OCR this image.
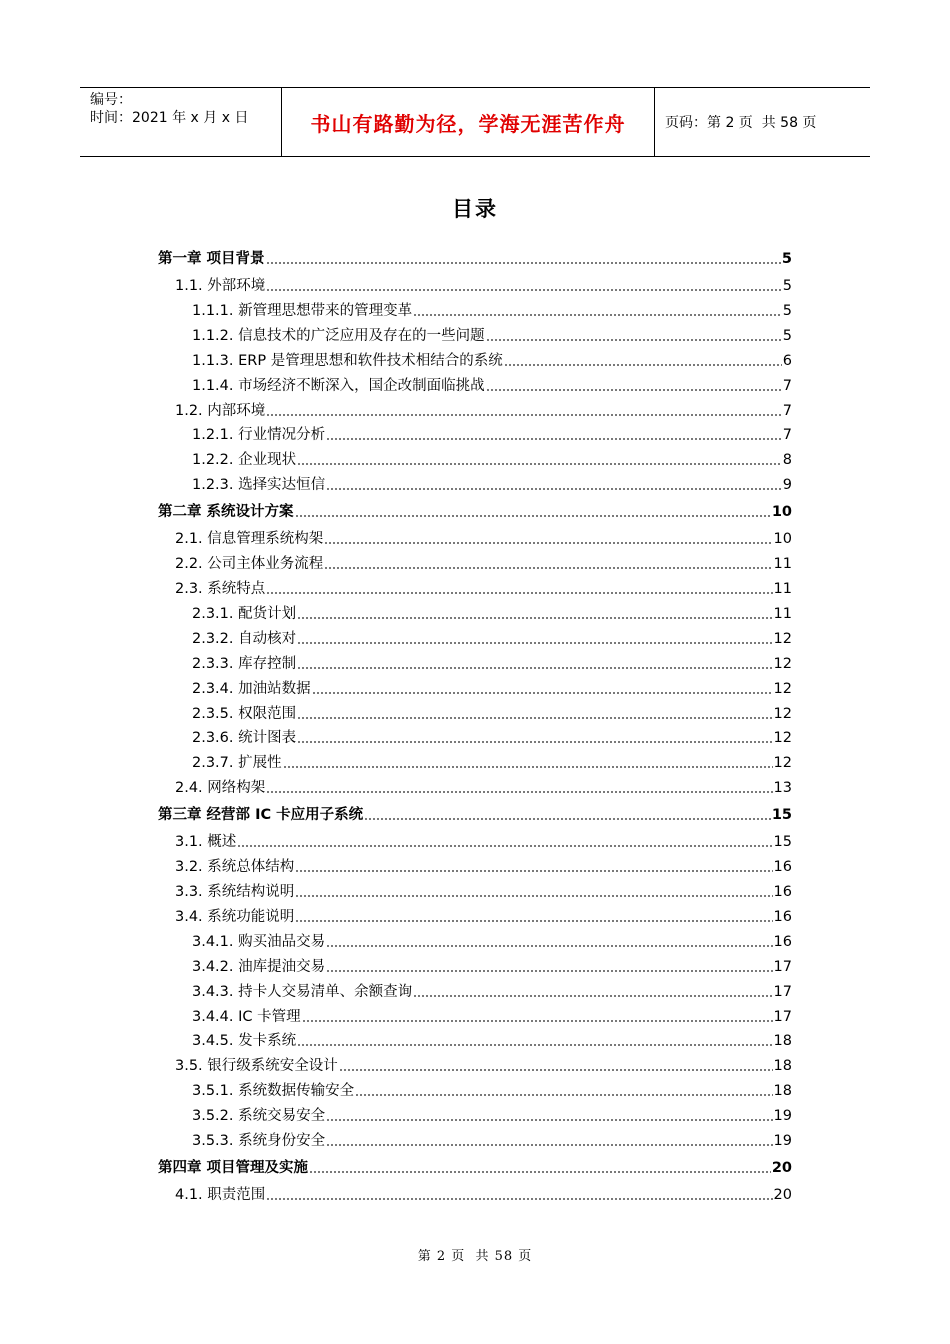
编号：
时间：2021 年 x 月 x 日	书山有路勤为径，学海无涯苦作舟	页码：第 2 页  共 58 页
目录
第一章 项目背景	5
1.1. 外部环境	5
1.1.1. 新管理思想带来的管理变革	5
1.1.2. 信息技术的广泛应用及存在的一些问题	5
1.1.3. ERP 是管理思想和软件技术相结合的系统	6
1.1.4. 市场经济不断深入，国企改制面临挑战	7
1.2. 内部环境	7
1.2.1. 行业情况分析	7
1.2.2. 企业现状	8
1.2.3. 选择实达恒信	9
第二章 系统设计方案	10
2.1. 信息管理系统构架	10
2.2. 公司主体业务流程	11
2.3. 系统特点	11
2.3.1. 配货计划	11
2.3.2. 自动核对	12
2.3.3. 库存控制	12
2.3.4. 加油站数据	12
2.3.5. 权限范围	12
2.3.6. 统计图表	12
2.3.7. 扩展性	12
2.4. 网络构架	13
第三章 经营部 IC 卡应用子系统	15
3.1. 概述	15
3.2. 系统总体结构	16
3.3. 系统结构说明	16
3.4. 系统功能说明	16
3.4.1. 购买油品交易	16
3.4.2. 油库提油交易	17
3.4.3. 持卡人交易清单、余额查询	17
3.4.4. IC 卡管理	17
3.4.5. 发卡系统	18
3.5. 银行级系统安全设计	18
3.5.1. 系统数据传输安全	18
3.5.2. 系统交易安全	19
3.5.3. 系统身份安全	19
第四章 项目管理及实施	20
4.1. 职责范围	20
第 2 页  共 58 页
